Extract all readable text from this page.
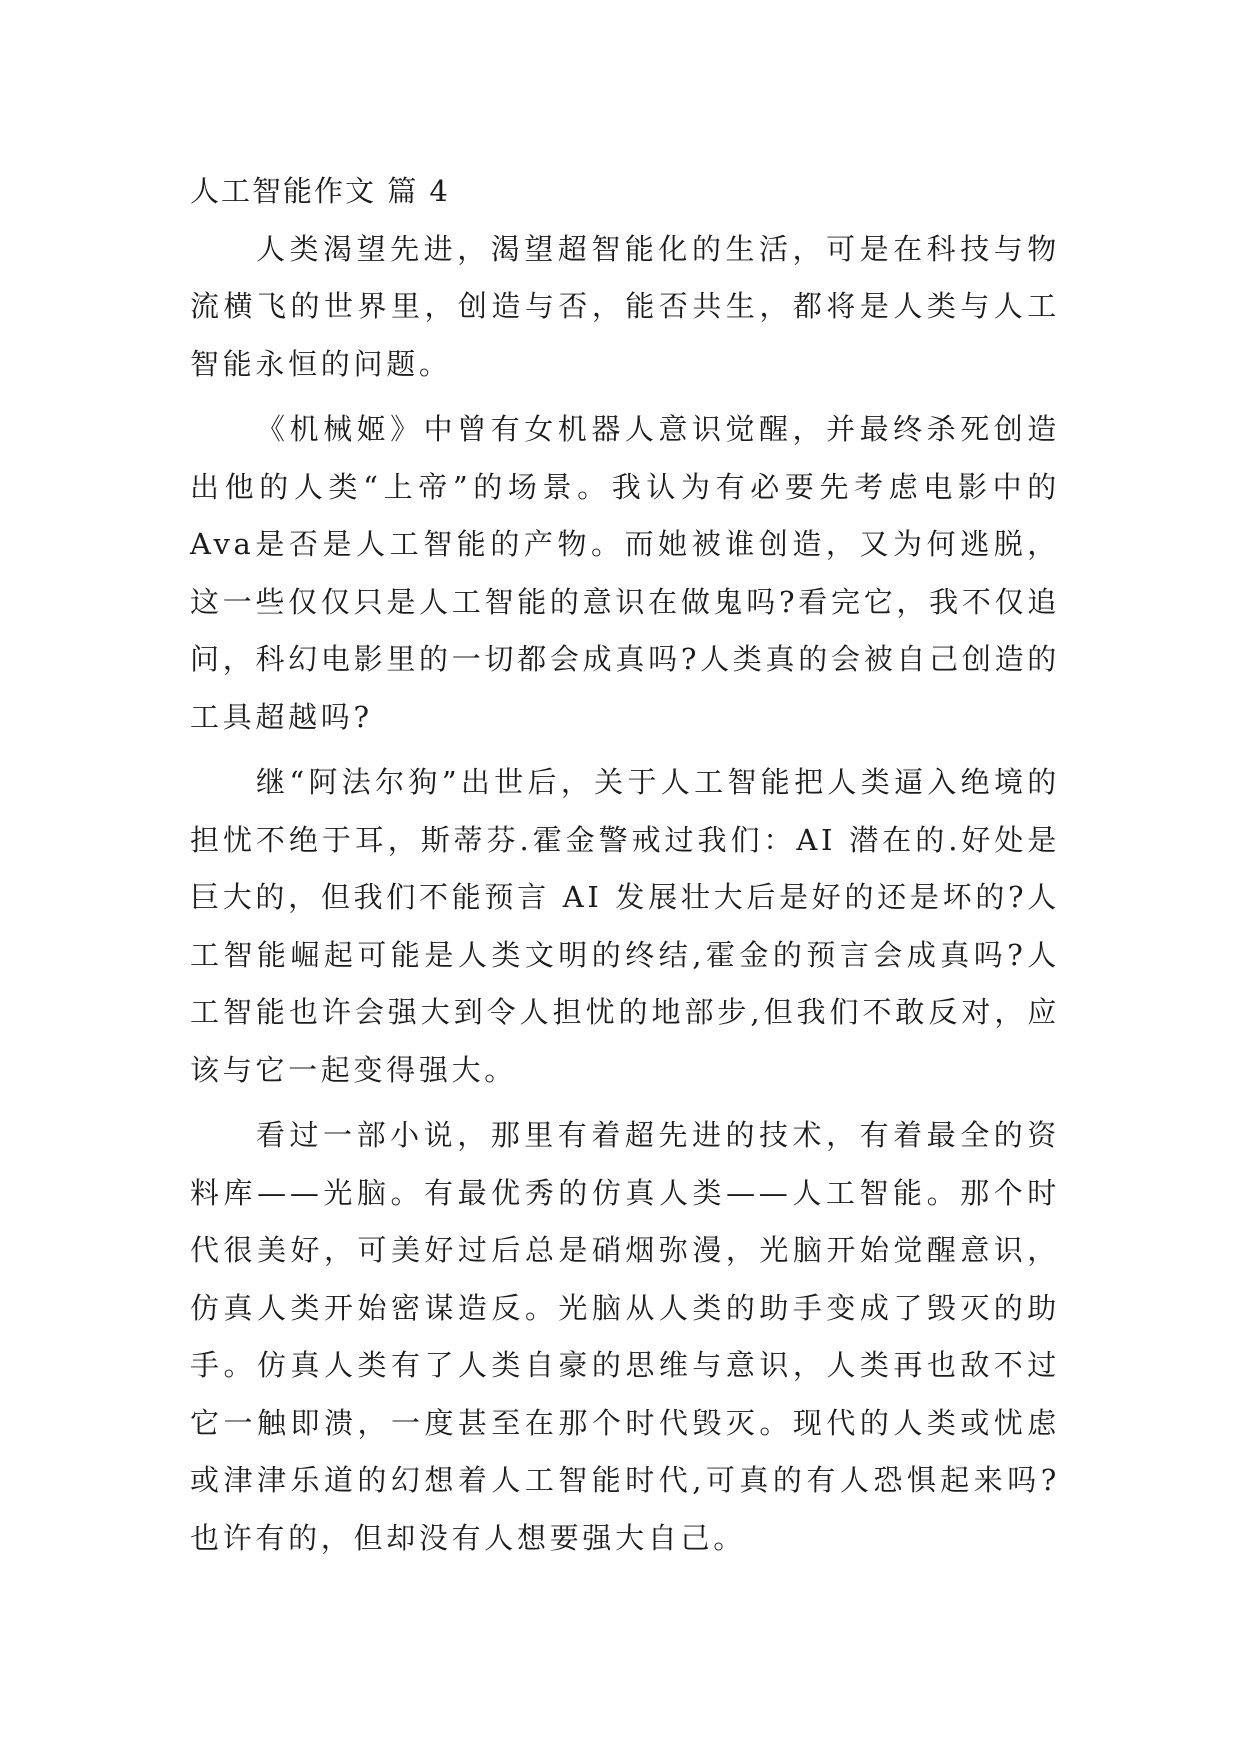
人工智能作文 篇 4

人类渴望先进，渴望超智能化的生活，可是在科技与物流横飞的世界里，创造与否，能否共生，都将是人类与人工智能永恒的问题。

《机械姬》中曾有女机器人意识觉醒，并最终杀死创造出他的人类“上帝”的场景。我认为有必要先考虑电影中的Ava是否是人工智能的产物。而她被谁创造，又为何逃脱，这一些仅仅只是人工智能的意识在做鬼吗?看完它，我不仅追问，科幻电影里的一切都会成真吗?人类真的会被自己创造的工具超越吗?

继“阿法尔狗”出世后，关于人工智能把人类逼入绝境的担忧不绝于耳，斯蒂芬.霍金警戒过我们：AI 潜在的.好处是巨大的，但我们不能预言 AI 发展壮大后是好的还是坏的?人工智能崛起可能是人类文明的终结,霍金的预言会成真吗?人工智能也许会强大到令人担忧的地部步,但我们不敢反对，应该与它一起变得强大。

看过一部小说，那里有着超先进的技术，有着最全的资料库——光脑。有最优秀的仿真人类——人工智能。那个时代很美好，可美好过后总是硝烟弥漫，光脑开始觉醒意识，仿真人类开始密谋造反。光脑从人类的助手变成了毁灭的助手。仿真人类有了人类自豪的思维与意识，人类再也敌不过它一触即溃，一度甚至在那个时代毁灭。现代的人类或忧虑或津津乐道的幻想着人工智能时代,可真的有人恐惧起来吗?也许有的，但却没有人想要强大自己。
